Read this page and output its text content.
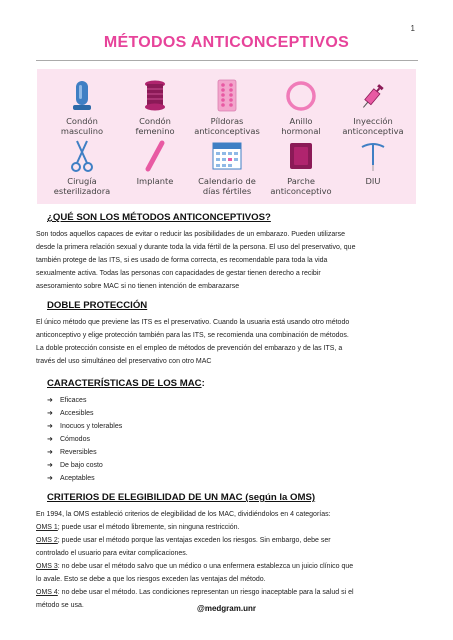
1
MÉTODOS ANTICONCEPTIVOS
Condón
masculino
Condón
femenino
Píldoras
anticonceptivas
Anillo
hormonal
Inyección
anticonceptiva
Cirugía
esterilizadora
Implante	Calendario de
días fértiles
Parche
anticonceptivo
DIU
¿QUÉ SON LOS MÉTODOS ANTICONCEPTIVOS?
Son todos aquellos capaces de evitar o reducir las posibilidades de un embarazo. Pueden utilizarse
desde la primera relación sexual y durante toda la vida fértil de la persona. El uso del preservativo, que
también protege de las ITS, si es usado de forma correcta, es recomendable para toda la vida
sexualmente activa. Todas las personas con capacidades de gestar tienen derecho a recibir
asesoramiento sobre MAC si no tienen intención de embarazarse
DOBLE PROTECCIÓN
El único método que previene las ITS es el preservativo. Cuando la usuaria está usando otro método
anticonceptivo y elige protección también para las ITS, se recomienda una combinación de métodos.
La doble protección consiste en el empleo de métodos de prevención del embarazo y de las ITS, a
través del uso simultáneo del preservativo con otro MAC
CARACTERÍSTICAS DE LOS MAC:
➜ Eficaces
➜ Accesibles
➜ Inocuos y tolerables
➜ Cómodos
➜ Reversibles
➜ De bajo costo
➜ Aceptables
CRITERIOS DE ELEGIBILIDAD DE UN MAC (según la OMS)
En 1994, la OMS estableció criterios de elegibilidad de los MAC, dividiéndolos en 4 categorías:
OMS 1; puede usar el método libremente, sin ninguna restricción.
OMS 2; puede usar el método porque las ventajas exceden los riesgos. Sin embargo, debe ser
controlado el usuario para evitar complicaciones.
OMS 3: no debe usar el método salvo que un médico o una enfermera establezca un juicio clínico que
lo avale. Esto se debe a que los riesgos exceden las ventajas del método.
OMS 4: no debe usar el método. Las condiciones representan un riesgo inaceptable para la salud si el
método se usa.	@medgram.unr
